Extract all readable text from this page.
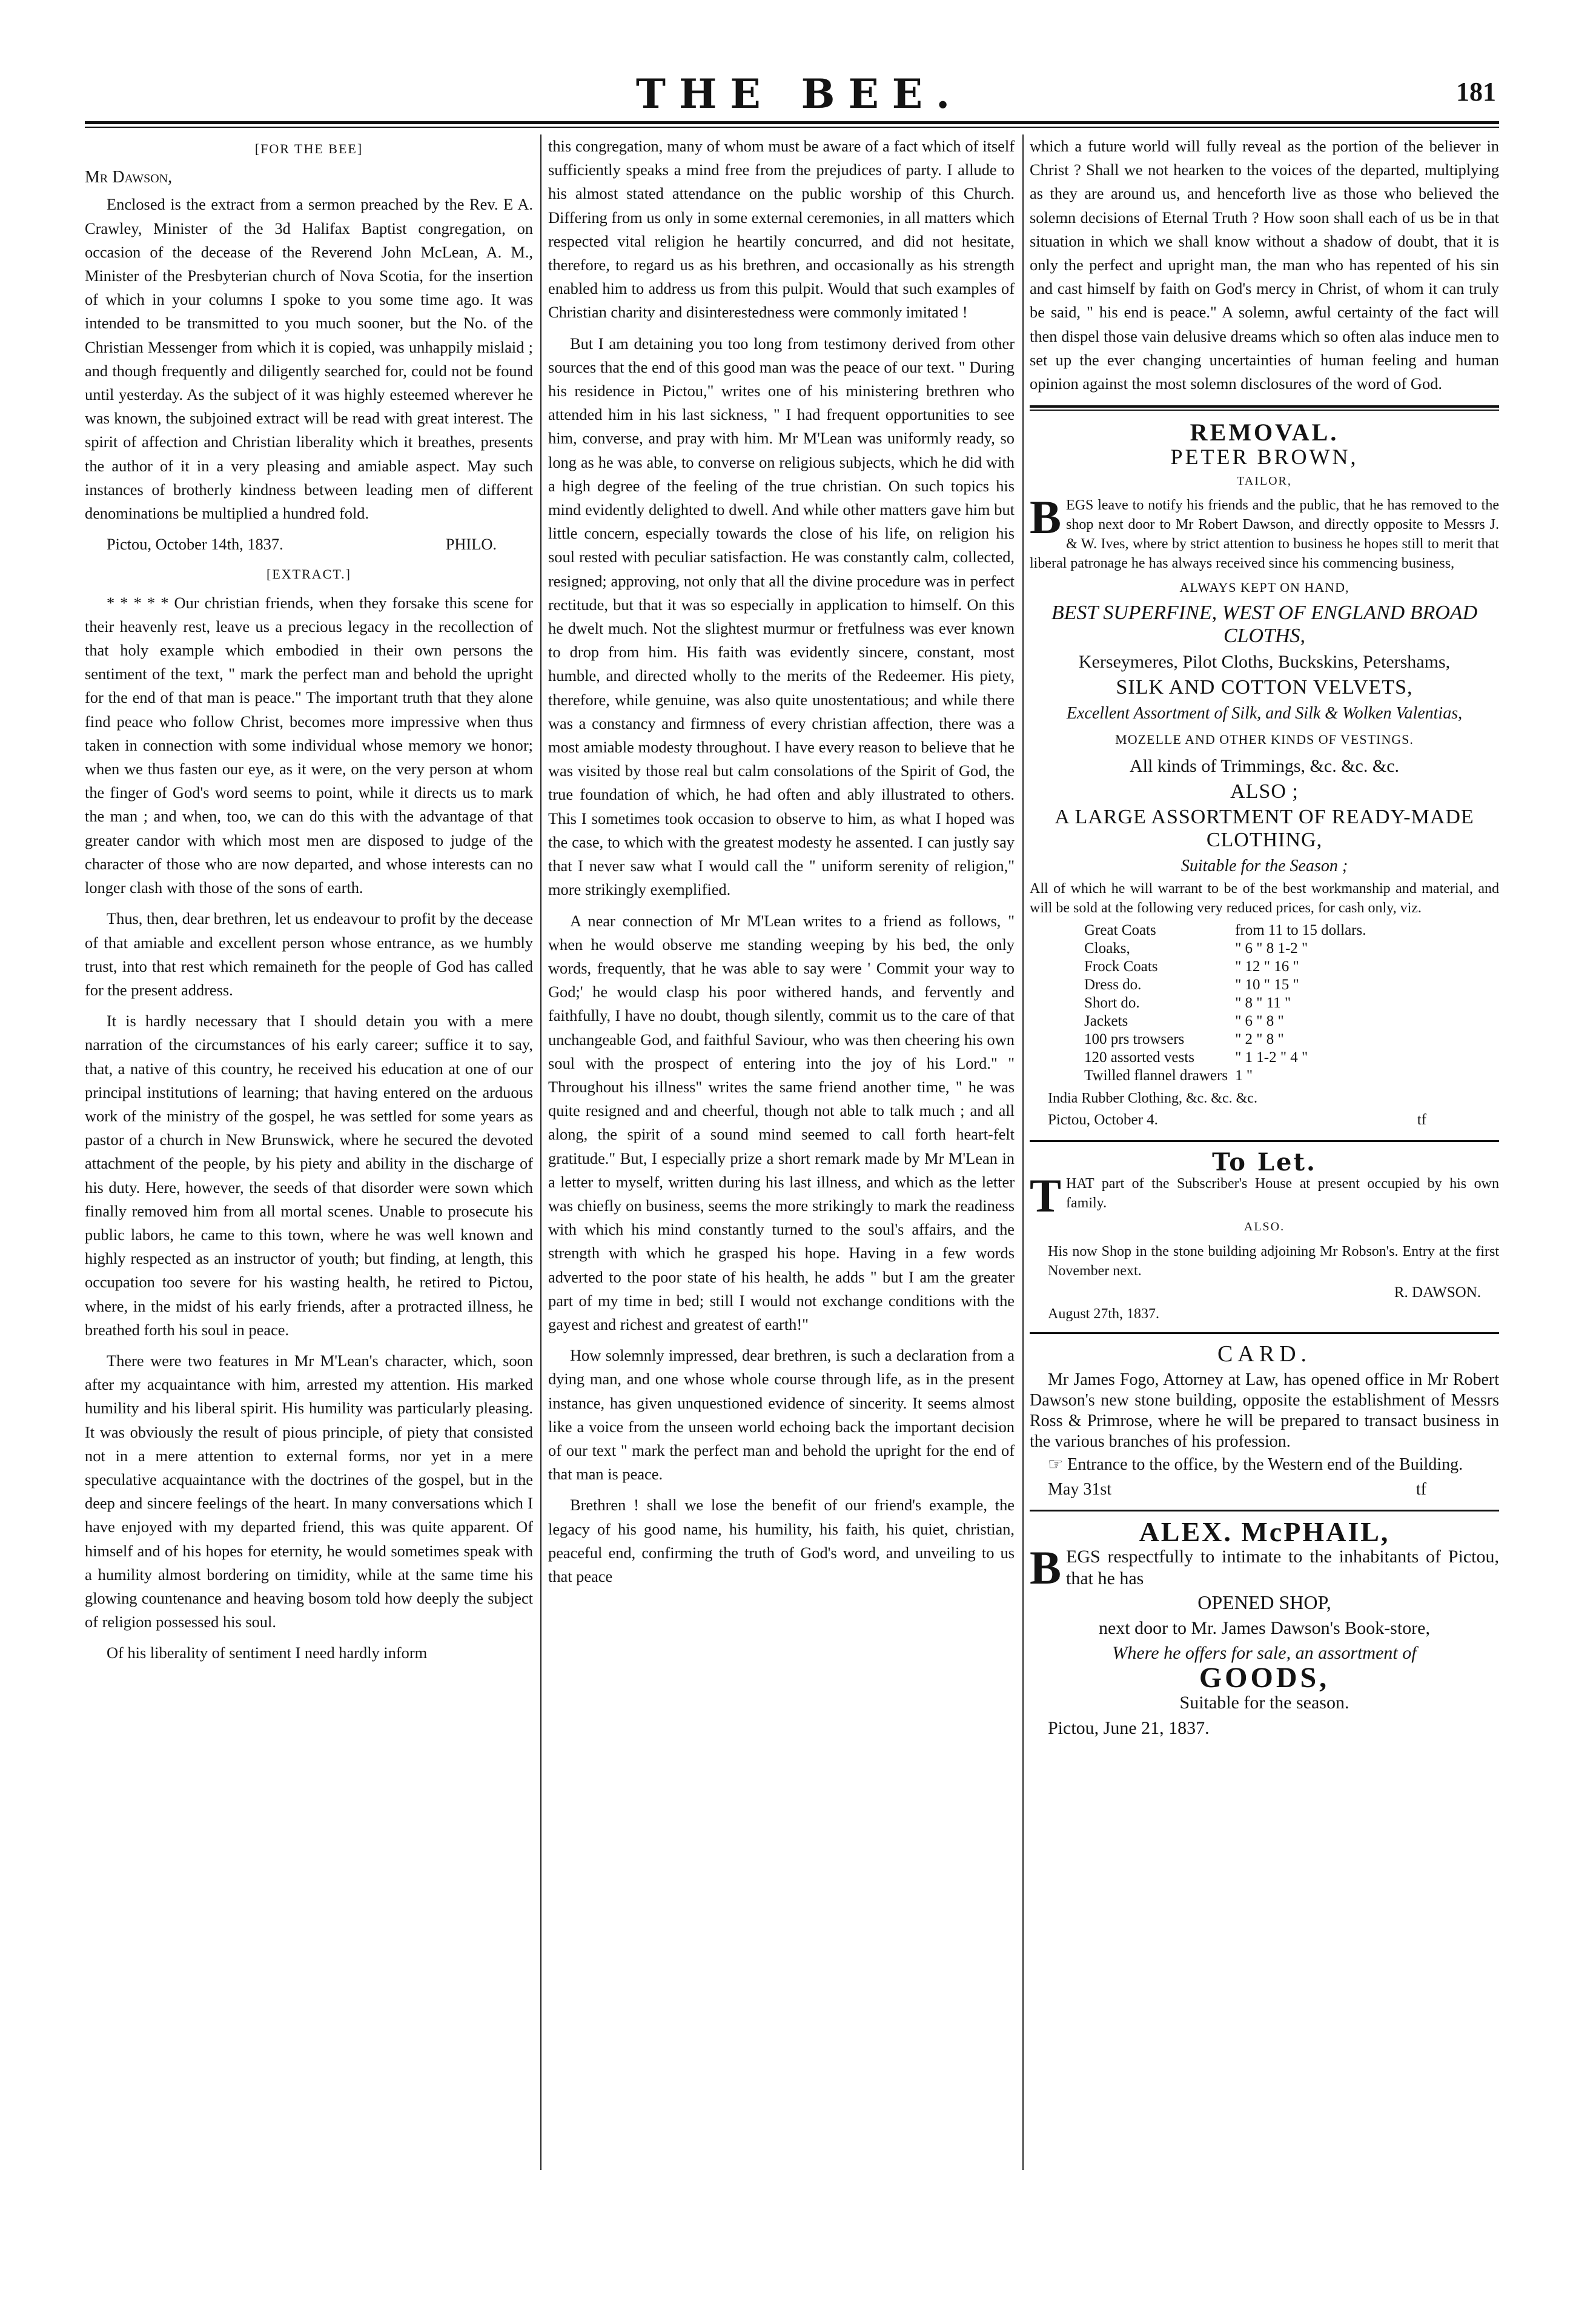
THE BEE.	181
[FOR THE BEE]
Mr Dawson,

Enclosed is the extract from a sermon preached by the Rev. E A. Crawley, Minister of the 3d Halifax Baptist congregation, on occasion of the decease of the Reverend John McLean, A. M., Minister of the Presbyterian church of Nova Scotia, for the insertion of which in your columns I spoke to you some time ago. It was intended to be transmitted to you much sooner, but the No. of the Christian Messenger from which it is copied, was unhappily mislaid ; and though frequently and diligently searched for, could not be found until yesterday. As the subject of it was highly esteemed wherever he was known, the subjoined extract will be read with great interest. The spirit of affection and Christian liberality which it breathes, presents the author of it in a very pleasing and amiable aspect. May such instances of brotherly kindness between leading men of different denominations be multiplied a hundred fold.

Pictou, October 14th, 1837.	PHILO.
[EXTRACT.]

* * * * * Our christian friends, when they forsake this scene for their heavenly rest, leave us a precious legacy in the recollection of that holy example which embodied in their own persons the sentiment of the text, " mark the perfect man and behold the upright for the end of that man is peace." The important truth that they alone find peace who follow Christ, becomes more impressive when thus taken in connection with some individual whose memory we honor; when we thus fasten our eye, as it were, on the very person at whom the finger of God's word seems to point, while it directs us to mark the man ; and when, too, we can do this with the advantage of that greater candor with which most men are disposed to judge of the character of those who are now departed, and whose interests can no longer clash with those of the sons of earth.

Thus, then, dear brethren, let us endeavour to profit by the decease of that amiable and excellent person whose entrance, as we humbly trust, into that rest which remaineth for the people of God has called for the present address.

It is hardly necessary that I should detain you with a mere narration of the circumstances of his early career; suffice it to say, that, a native of this country, he received his education at one of our principal institutions of learning; that having entered on the arduous work of the ministry of the gospel, he was settled for some years as pastor of a church in New Brunswick, where he secured the devoted attachment of the people, by his piety and ability in the discharge of his duty. Here, however, the seeds of that disorder were sown which finally removed him from all mortal scenes. Unable to prosecute his public labors, he came to this town, where he was well known and highly respected as an instructor of youth; but finding, at length, this occupation too severe for his wasting health, he retired to Pictou, where, in the midst of his early friends, after a protracted illness, he breathed forth his soul in peace.

There were two features in Mr M'Lean's character, which, soon after my acquaintance with him, arrested my attention. His marked humility and his liberal spirit. His humility was particularly pleasing. It was obviously the result of pious principle, of piety that consisted not in a mere attention to external forms, nor yet in a mere speculative acquaintance with the doctrines of the gospel, but in the deep and sincere feelings of the heart. In many conversations which I have enjoyed with my departed friend, this was quite apparent. Of himself and of his hopes for eternity, he would sometimes speak with a humility almost bordering on timidity, while at the same time his glowing countenance and heaving bosom told how deeply the subject of religion possessed his soul.

Of his liberality of sentiment I need hardly inform

this congregation, many of whom must be aware of a fact which of itself sufficiently speaks a mind free from the prejudices of party. I allude to his almost stated attendance on the public worship of this Church. Differing from us only in some external ceremonies, in all matters which respected vital religion he heartily concurred, and did not hesitate, therefore, to regard us as his brethren, and occasionally as his strength enabled him to address us from this pulpit. Would that such examples of Christian charity and disinterestedness were commonly imitated !

But I am detaining you too long from testimony derived from other sources that the end of this good man was the peace of our text. " During his residence in Pictou," writes one of his ministering brethren who attended him in his last sickness, " I had frequent opportunities to see him, converse, and pray with him. Mr M'Lean was uniformly ready, so long as he was able, to converse on religious subjects, which he did with a high degree of the feeling of the true christian. On such topics his mind evidently delighted to dwell. And while other matters gave him but little concern, especially towards the close of his life, on religion his soul rested with peculiar satisfaction. He was constantly calm, collected, resigned; approving, not only that all the divine procedure was in perfect rectitude, but that it was so especially in application to himself. On this he dwelt much. Not the slightest murmur or fretfulness was ever known to drop from him. His faith was evidently sincere, constant, most humble, and directed wholly to the merits of the Redeemer. His piety, therefore, while genuine, was also quite unostentatious; and while there was a constancy and firmness of every christian affection, there was a most amiable modesty throughout. I have every reason to believe that he was visited by those real but calm consolations of the Spirit of God, the true foundation of which, he had often and ably illustrated to others. This I sometimes took occasion to observe to him, as what I hoped was the case, to which with the greatest modesty he assented. I can justly say that I never saw what I would call the " uniform serenity of religion," more strikingly exemplified.

A near connection of Mr M'Lean writes to a friend as follows, " when he would observe me standing weeping by his bed, the only words, frequently, that he was able to say were ' Commit your way to God;' he would clasp his poor withered hands, and fervently and faithfully, I have no doubt, though silently, commit us to the care of that unchangeable God, and faithful Saviour, who was then cheering his own soul with the prospect of entering into the joy of his Lord." " Throughout his illness" writes the same friend another time, " he was quite resigned and and cheerful, though not able to talk much ; and all along, the spirit of a sound mind seemed to call forth heart-felt gratitude." But, I especially prize a short remark made by Mr M'Lean in a letter to myself, written during his last illness, and which as the letter was chiefly on business, seems the more strikingly to mark the readiness with which his mind constantly turned to the soul's affairs, and the strength with which he grasped his hope. Having in a few words adverted to the poor state of his health, he adds " but I am the greater part of my time in bed; still I would not exchange conditions with the gayest and richest and greatest of earth!"

How solemnly impressed, dear brethren, is such a declaration from a dying man, and one whose whole course through life, as in the present instance, has given unquestioned evidence of sincerity. It seems almost like a voice from the unseen world echoing back the important decision of our text " mark the perfect man and behold the upright for the end of that man is peace.

Brethren ! shall we lose the benefit of our friend's example, the legacy of his good name, his humility, his faith, his quiet, christian, peaceful end, confirming the truth of God's word, and unveiling to us that peace

which a future world will fully reveal as the portion of the believer in Christ ? Shall we not hearken to the voices of the departed, multiplying as they are around us, and henceforth live as those who believed the solemn decisions of Eternal Truth ? How soon shall each of us be in that situation in which we shall know without a shadow of doubt, that it is only the perfect and upright man, the man who has repented of his sin and cast himself by faith on God's mercy in Christ, of whom it can truly be said, " his end is peace." A solemn, awful certainty of the fact will then dispel those vain delusive dreams which so often alas induce men to set up the ever changing uncertainties of human feeling and human opinion against the most solemn disclosures of the word of God.

REMOVAL.
PETER BROWN,
TAILOR,
BEGS leave to notify his friends and the public, that he has removed to the shop next door to Mr Robert Dawson, and directly opposite to Messrs J. & W. Ives, where by strict attention to business he hopes still to merit that liberal patronage he has always received since his commencing business,
ALWAYS KEPT ON HAND,
BEST SUPERFINE, WEST OF ENGLAND BROAD CLOTHS,
Kerseymeres, Pilot Cloths, Buckskins, Petershams,
SILK AND COTTON VELVETS,
Excellent Assortment of Silk, and Silk & Wolken Valentias,
MOZELLE AND OTHER KINDS OF VESTINGS.
All kinds of Trimmings, &c. &c. &c.
ALSO ;
A LARGE ASSORTMENT OF READY-MADE CLOTHING,
Suitable for the Season ;
All of which he will warrant to be of the best workmanship and material, and will be sold at the following very reduced prices, for cash only, viz.
Great Coats	from 11 to 15 dollars.
Cloaks,	" 6 " 8 1-2 "
Frock Coats	" 12 " 16 "
Dress do.	" 10 " 15 "
Short do.	" 8 " 11 "
Jackets	" 6 " 8 "
100 prs trowsers	" 2 " 8 "
120 assorted vests	" 1 1-2 " 4 "
Twilled flannel drawers	1 "
India Rubber Clothing, &c. &c. &c.
Pictou, October 4.	tf
To Let.
THAT part of the Subscriber's House at present occupied by his own family.
ALSO.
His now Shop in the stone building adjoining Mr Robson's. Entry at the first November next.
R. DAWSON.
August 27th, 1837.
CARD.

Mr James Fogo, Attorney at Law, has opened office in Mr Robert Dawson's new stone building, opposite the establishment of Messrs Ross & Primrose, where he will be prepared to transact business in the various branches of his profession.

☞ Entrance to the office, by the Western end of the Building.

May 31st	tf
ALEX. McPHAIL,
BEGS respectfully to intimate to the inhabitants of Pictou, that he has
OPENED SHOP,
next door to Mr. James Dawson's Book-store,
Where he offers for sale, an assortment of
GOODS,
Suitable for the season.
Pictou, June 21, 1837.
